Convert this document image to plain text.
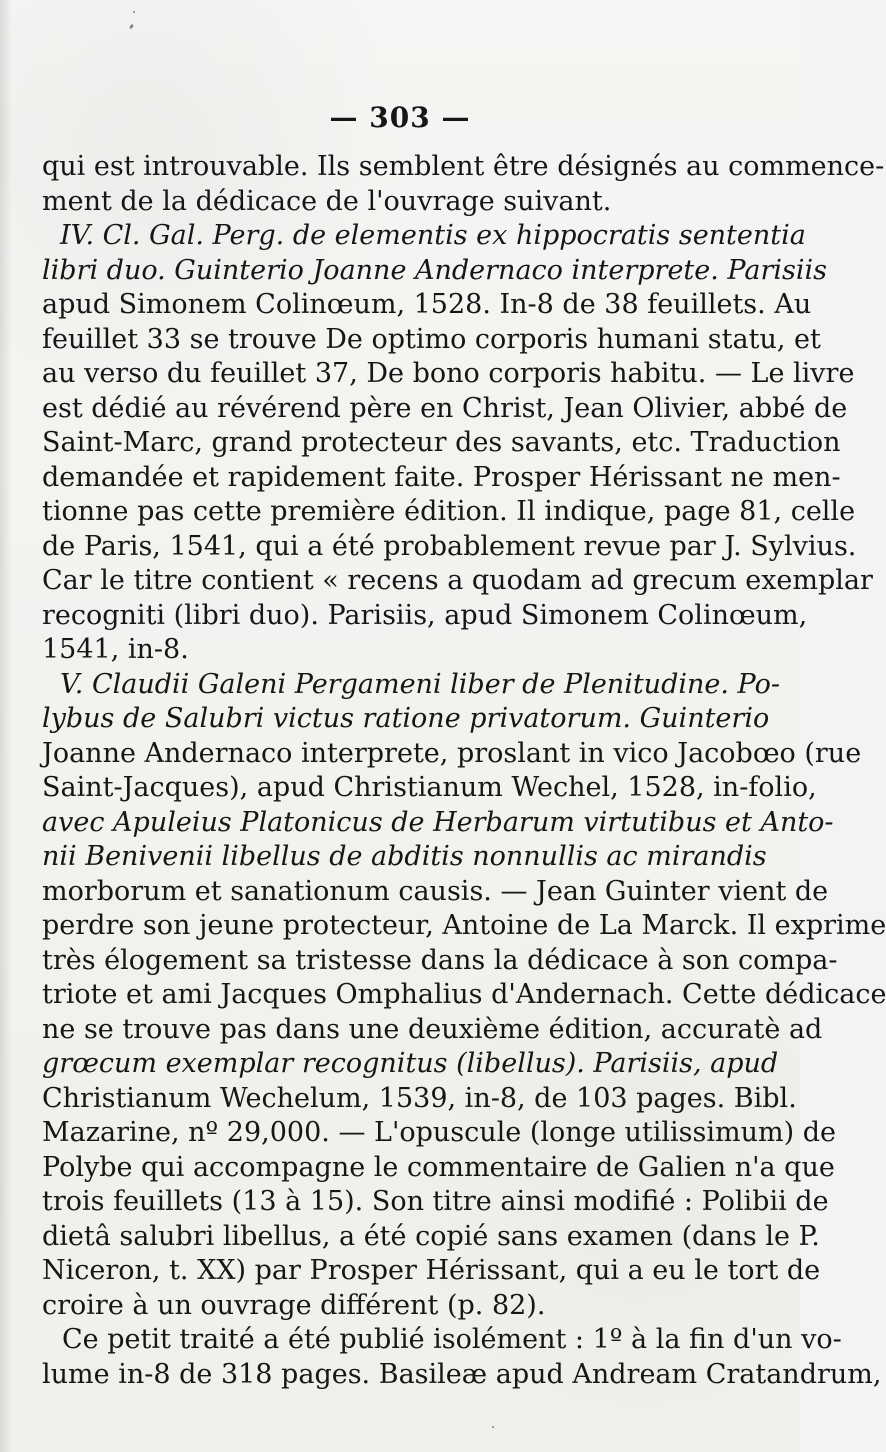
— 303 —
qui est introuvable. Ils semblent être désignés au commence-
ment de la dédicace de l'ouvrage suivant.
IV. Cl. Gal. Perg. de elementis ex hippocratis sententia
libri duo. Guinterio Joanne Andernaco interprete. Parisiis
apud Simonem Colinœum, 1528. In-8 de 38 feuillets. Au
feuillet 33 se trouve De optimo corporis humani statu, et
au verso du feuillet 37, De bono corporis habitu. — Le livre
est dédié au révérend père en Christ, Jean Olivier, abbé de
Saint-Marc, grand protecteur des savants, etc. Traduction
demandée et rapidement faite. Prosper Hérissant ne men-
tionne pas cette première édition. Il indique, page 81, celle
de Paris, 1541, qui a été probablement revue par J. Sylvius.
Car le titre contient « recens a quodam ad grecum exemplar
recogniti (libri duo). Parisiis, apud Simonem Colinœum,
1541, in-8.
V. Claudii Galeni Pergameni liber de Plenitudine. Po-
lybus de Salubri victus ratione privatorum. Guinterio
Joanne Andernaco interprete, proslant in vico Jacobœo (rue
Saint-Jacques), apud Christianum Wechel, 1528, in-folio,
avec Apuleius Platonicus de Herbarum virtutibus et Anto-
nii Benivenii libellus de abditis nonnullis ac mirandis
morborum et sanationum causis. — Jean Guinter vient de
perdre son jeune protecteur, Antoine de La Marck. Il exprime
très élogement sa tristesse dans la dédicace à son compa-
triote et ami Jacques Omphalius d'Andernach. Cette dédicace
ne se trouve pas dans une deuxième édition, accuratè ad
grœcum exemplar recognitus (libellus). Parisiis, apud
Christianum Wechelum, 1539, in-8, de 103 pages. Bibl.
Mazarine, nº 29,000. — L'opuscule (longe utilissimum) de
Polybe qui accompagne le commentaire de Galien n'a que
trois feuillets (13 à 15). Son titre ainsi modifié : Polibii de
dietâ salubri libellus, a été copié sans examen (dans le P.
Niceron, t. XX) par Prosper Hérissant, qui a eu le tort de
croire à un ouvrage différent (p. 82).
Ce petit traité a été publié isolément : 1º à la fin d'un vo-
lume in-8 de 318 pages. Basileæ apud Andream Cratandrum,
